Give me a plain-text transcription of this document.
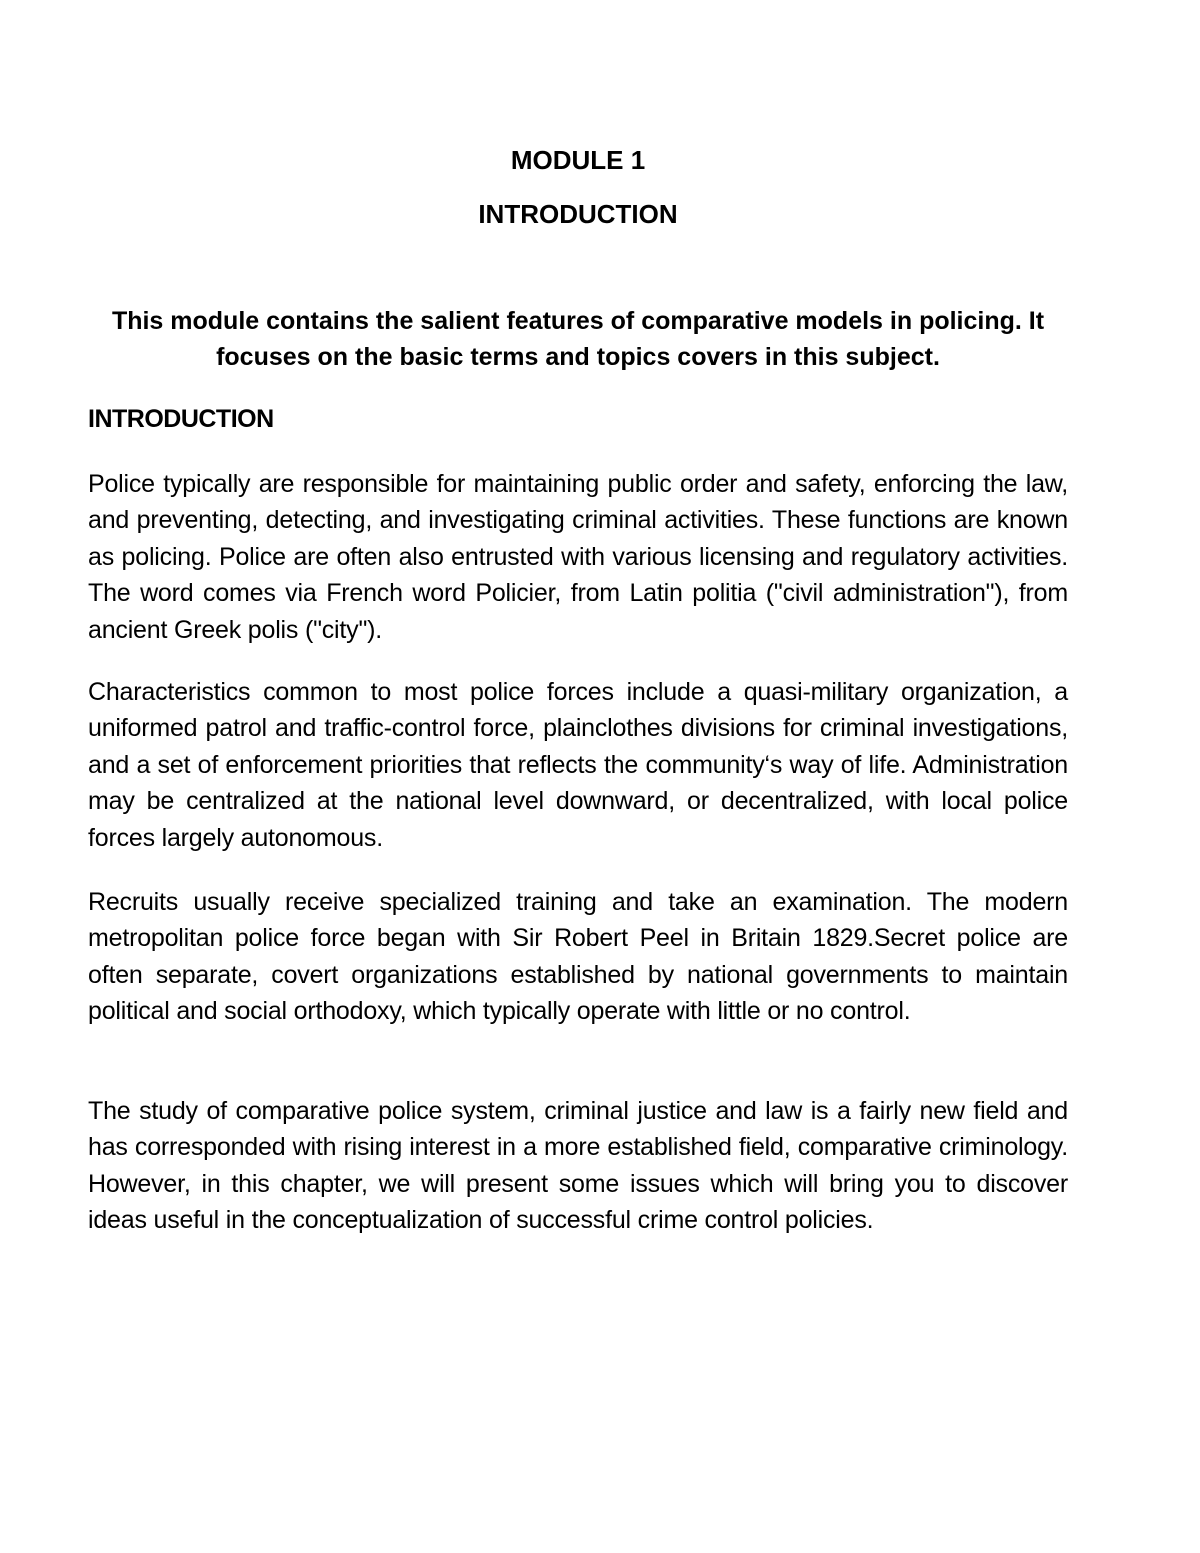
MODULE 1
INTRODUCTION

This module contains the salient features of comparative models in policing. It focuses on the basic terms and topics covers in this subject.

INTRODUCTION

Police typically are responsible for maintaining public order and safety, enforcing the law, and preventing, detecting, and investigating criminal activities. These functions are known as policing. Police are often also entrusted with various licensing and regulatory activities. The word comes via French word Policier, from Latin politia ("civil administration"), from ancient Greek polis ("city").

Characteristics common to most police forces include a quasi-military organization, a uniformed patrol and traffic-control force, plainclothes divisions for criminal investigations, and a set of enforcement priorities that reflects the community‘s way of life. Administration may be centralized at the national level downward, or decentralized, with local police forces largely autonomous.

Recruits usually receive specialized training and take an examination. The modern metropolitan police force began with Sir Robert Peel in Britain 1829.Secret police are often separate, covert organizations established by national governments to maintain political and social orthodoxy, which typically operate with little or no control.

The study of comparative police system, criminal justice and law is a fairly new field and has corresponded with rising interest in a more established field, comparative criminology. However, in this chapter, we will present some issues which will bring you to discover ideas useful in the conceptualization of successful crime control policies.
